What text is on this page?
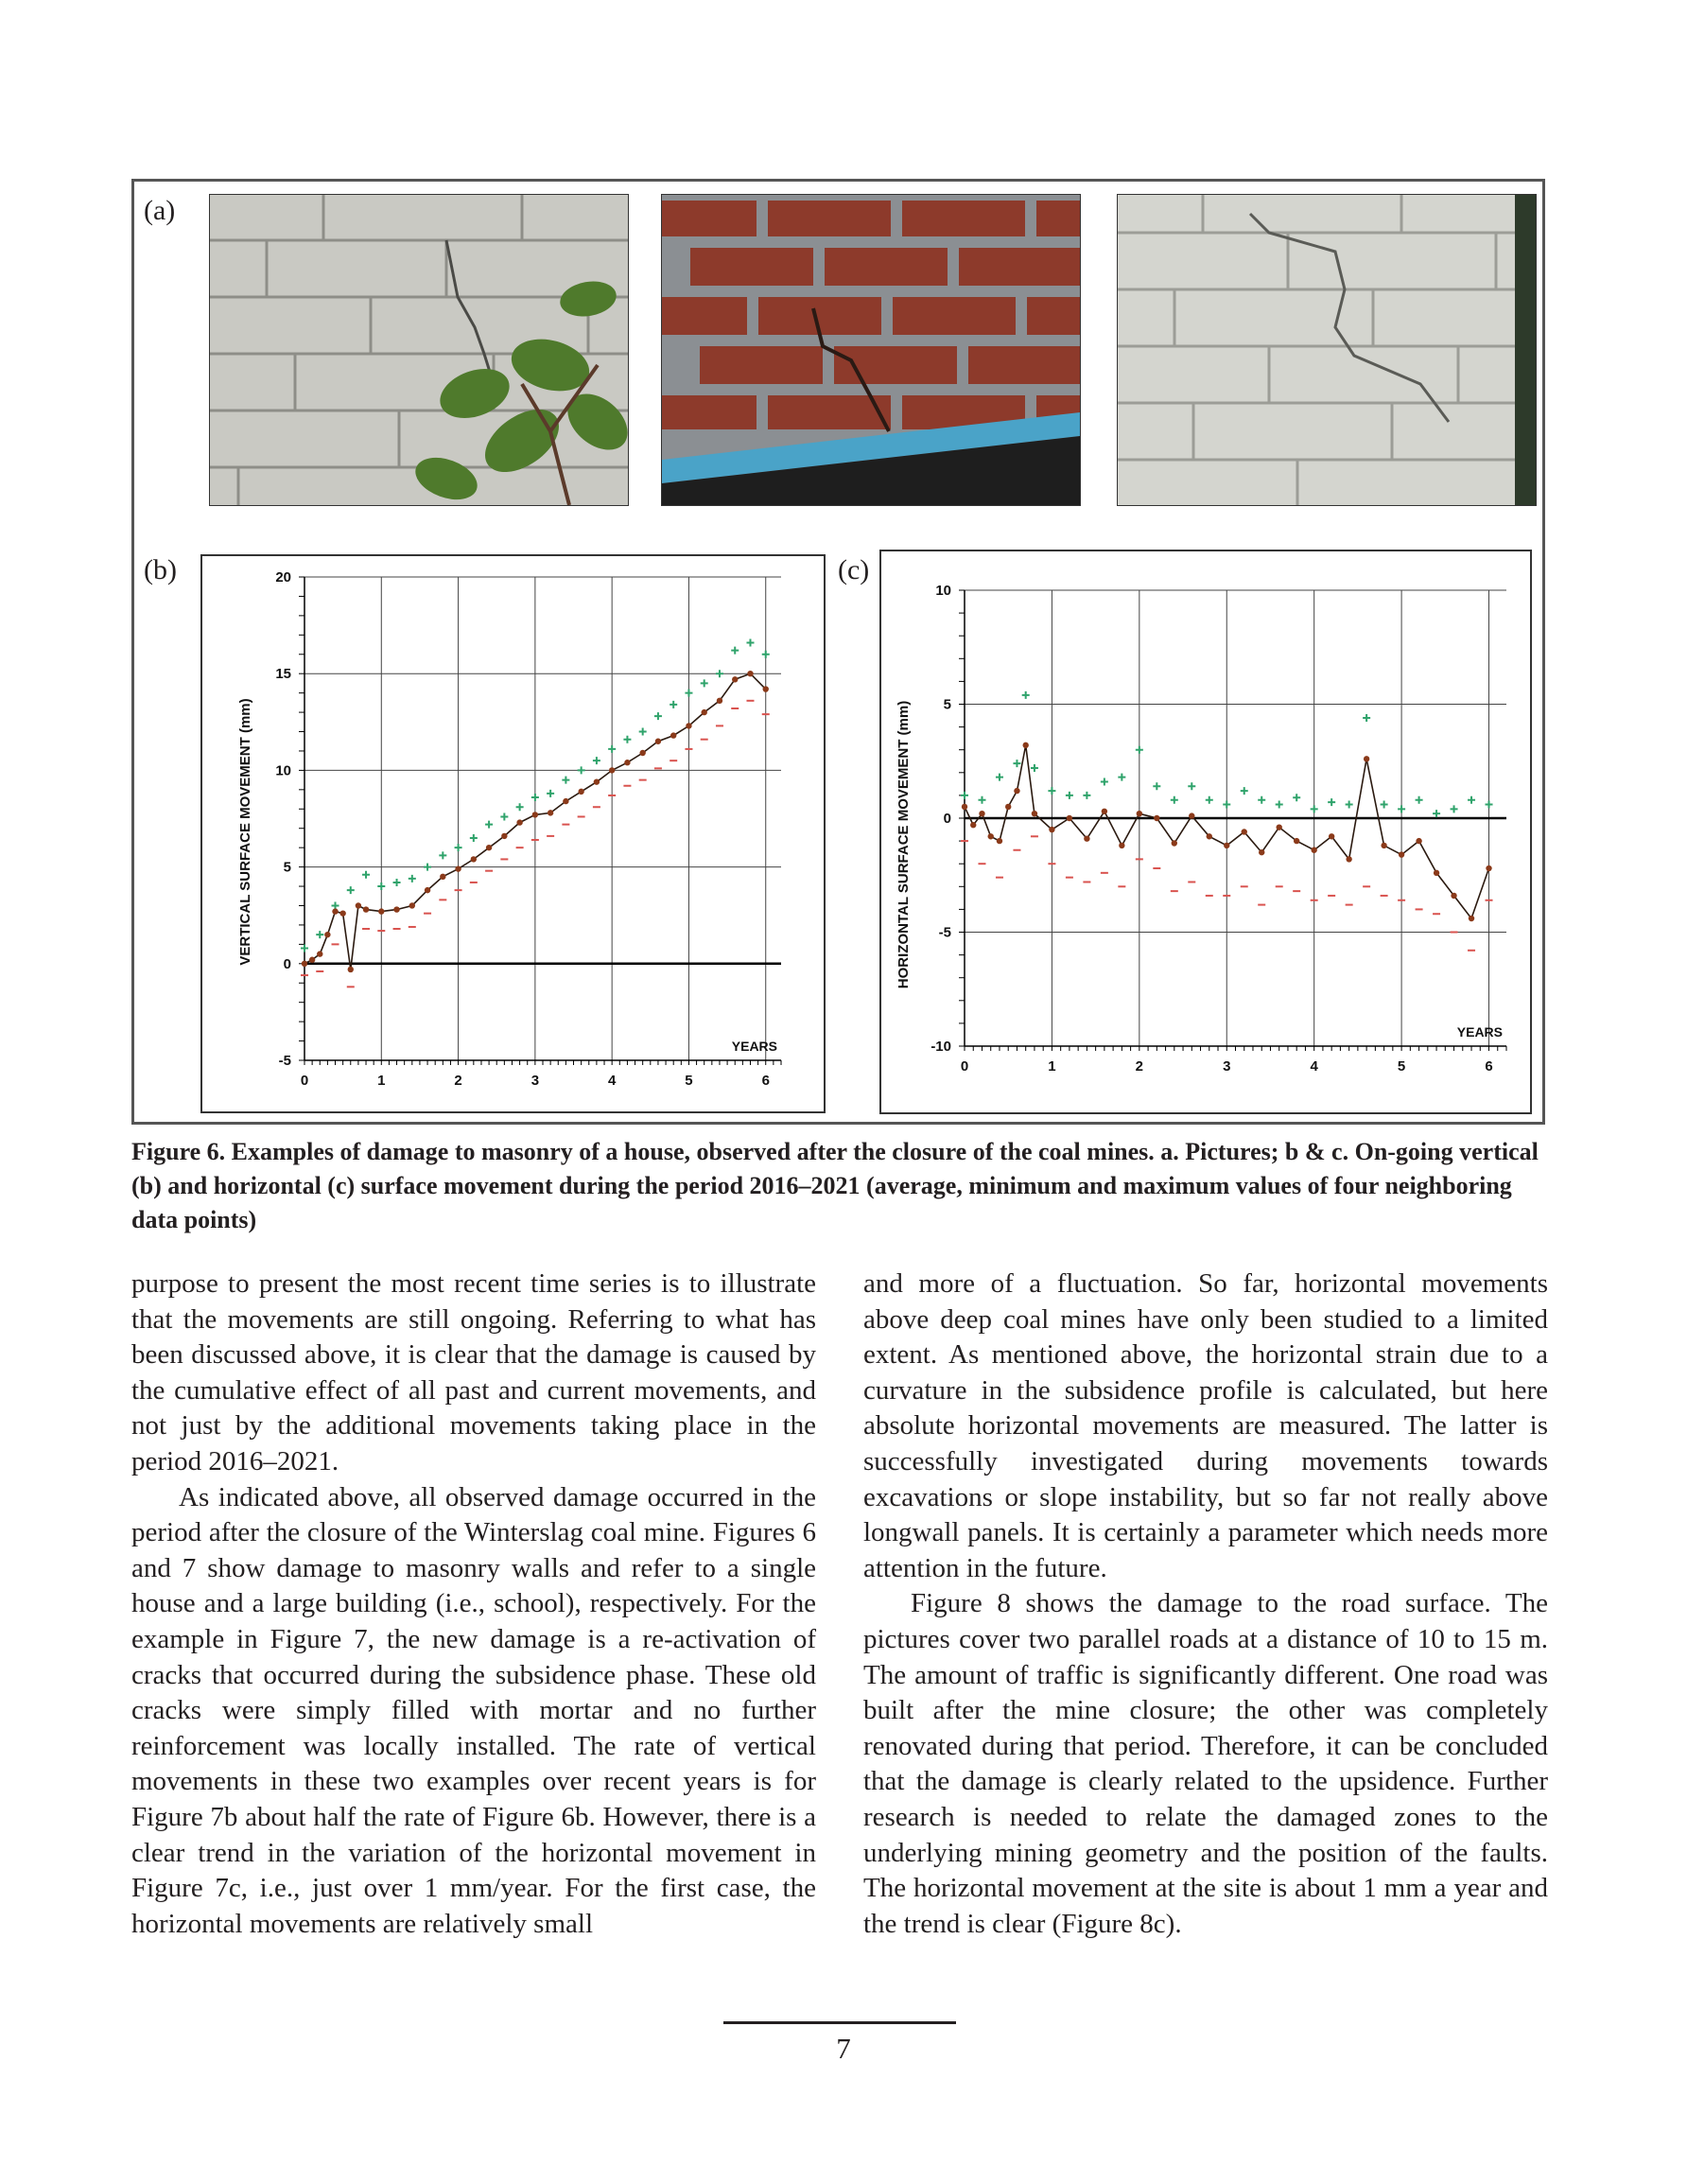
(a)
(b)	(c)
0	1	2	3	4	5	6
-5
0
5
10
15
20
YEARS
VERTICAL SURFACE MOVEMENT (mm)
0	1	2	3	4	5	6
-10
-5
0
5
10
YEARS
HORIZONTAL SURFACE MOVEMENT (mm)

Figure 6. Examples of damage to masonry of a house, observed after the closure of the coal mines. a. Pictures; b & c. On-going vertical (b) and horizontal (c) surface movement during the period 2016–2021 (average, minimum and maximum values of four neighboring data points)

purpose to present the most recent time series is to illustrate that the movements are still ongoing. Referring to what has been discussed above, it is clear that the damage is caused by the cumulative effect of all past and current movements, and not just by the additional movements taking place in the period 2016–2021.

As indicated above, all observed damage occurred in the period after the closure of the Winterslag coal mine. Figures 6 and 7 show damage to masonry walls and refer to a single house and a large building (i.e., school), respectively. For the example in Figure 7, the new damage is a re-activation of cracks that occurred during the subsidence phase. These old cracks were simply filled with mortar and no further reinforcement was locally installed. The rate of vertical movements in these two examples over recent years is for Figure 7b about half the rate of Figure 6b. However, there is a clear trend in the variation of the horizontal movement in Figure 7c, i.e., just over 1 mm/year. For the first case, the horizontal movements are relatively small

and more of a fluctuation. So far, horizontal movements above deep coal mines have only been studied to a limited extent. As mentioned above, the horizontal strain due to a curvature in the subsidence profile is calculated, but here absolute horizontal movements are measured. The latter is successfully investigated during movements towards excavations or slope instability, but so far not really above longwall panels. It is certainly a parameter which needs more attention in the future.

Figure 8 shows the damage to the road surface. The pictures cover two parallel roads at a distance of 10 to 15 m. The amount of traffic is significantly different. One road was built after the mine closure; the other was completely renovated during that period. Therefore, it can be concluded that the damage is clearly related to the upsidence. Further research is needed to relate the damaged zones to the underlying mining geometry and the position of the faults. The horizontal movement at the site is about 1 mm a year and the trend is clear (Figure 8c).

7
